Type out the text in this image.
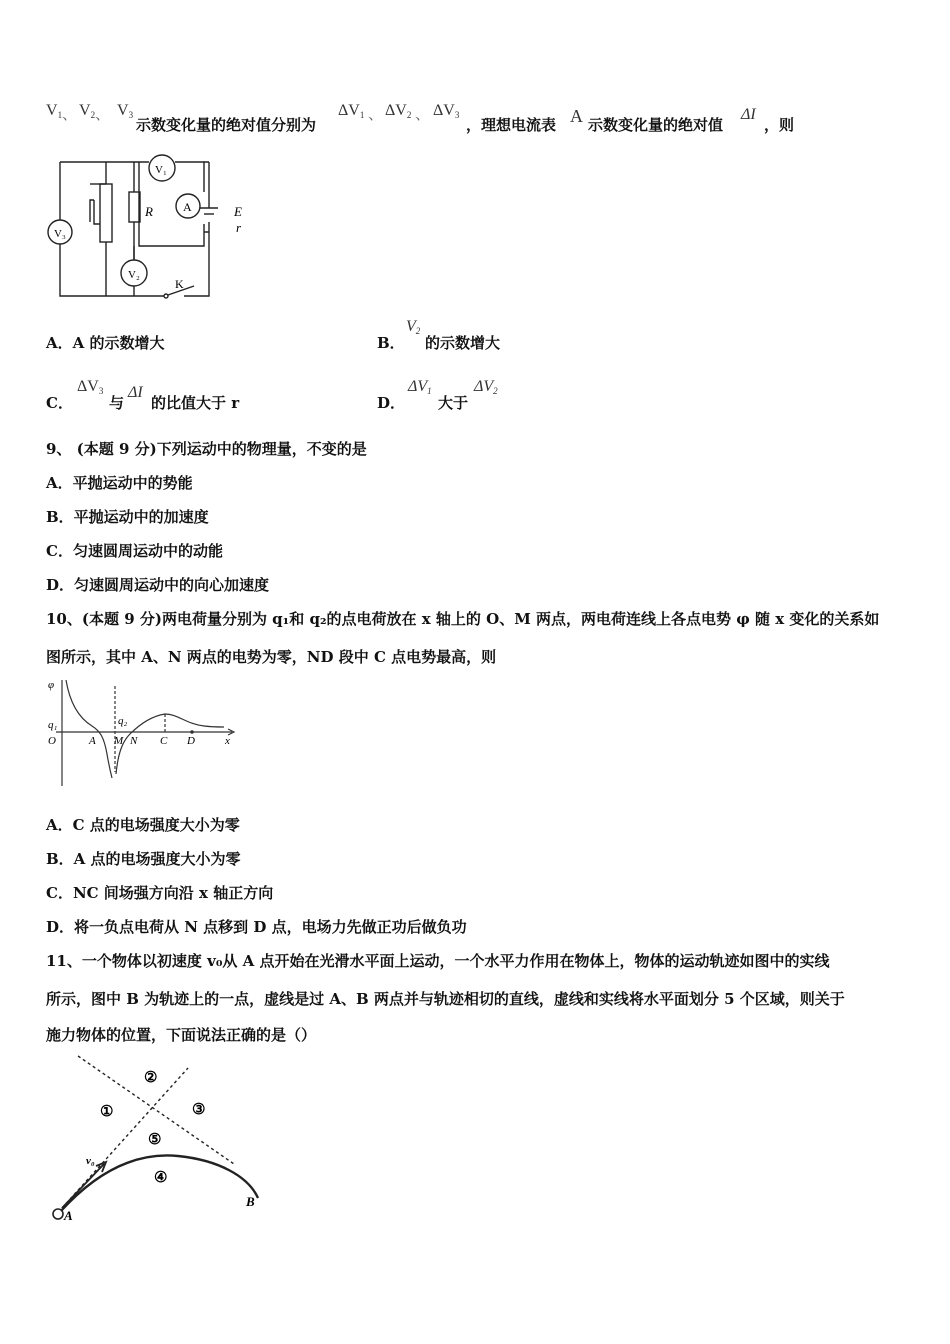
$V_1$ 、 $V_2$ 、 $V_3$
示数变化量的绝对值分别为
$\Delta V_1$ 、 $\Delta V_2$ 、 $\Delta V_3$
，理想电流表 A 示数变化量的绝对值
ΔI
，则
V₃
V₁
A
V₂
R	E
r
K
A．A 的示数增大	B．
$V_2$
的示数增大
C．
$\Delta V_3$
与
ΔI
的比值大于 r	D．
$\Delta V_1$
大于
$\Delta V_2$
9、 (本题 9 分)下列运动中的物理量，不变的是
A．平抛运动中的势能
B．平抛运动中的加速度
C．匀速圆周运动中的动能
D．匀速圆周运动中的向心加速度
10、(本题 9 分)两电荷量分别为 q₁和 q₂的点电荷放在 x 轴上的 O、M 两点，两电荷连线上各点电势 φ 随 x 变化的关系如
图所示，其中 A、N 两点的电势为零，ND 段中 C 点电势最高，则
φ
q₁
O
q₂
A M N C D	x
A．C 点的电场强度大小为零
B．A 点的电场强度大小为零
C．NC 间场强方向沿 x 轴正方向
D．将一负点电荷从 N 点移到 D 点，电场力先做正功后做负功
11、一个物体以初速度 v₀从 A 点开始在光滑水平面上运动，一个水平力作用在物体上，物体的运动轨迹如图中的实线
所示，图中 B 为轨迹上的一点，虚线是过 A、B 两点并与轨迹相切的直线，虚线和实线将水平面划分 5 个区域，则关于
施力物体的位置，下面说法正确的是（）
②
①	③
⑤
④
v₀
A
B
